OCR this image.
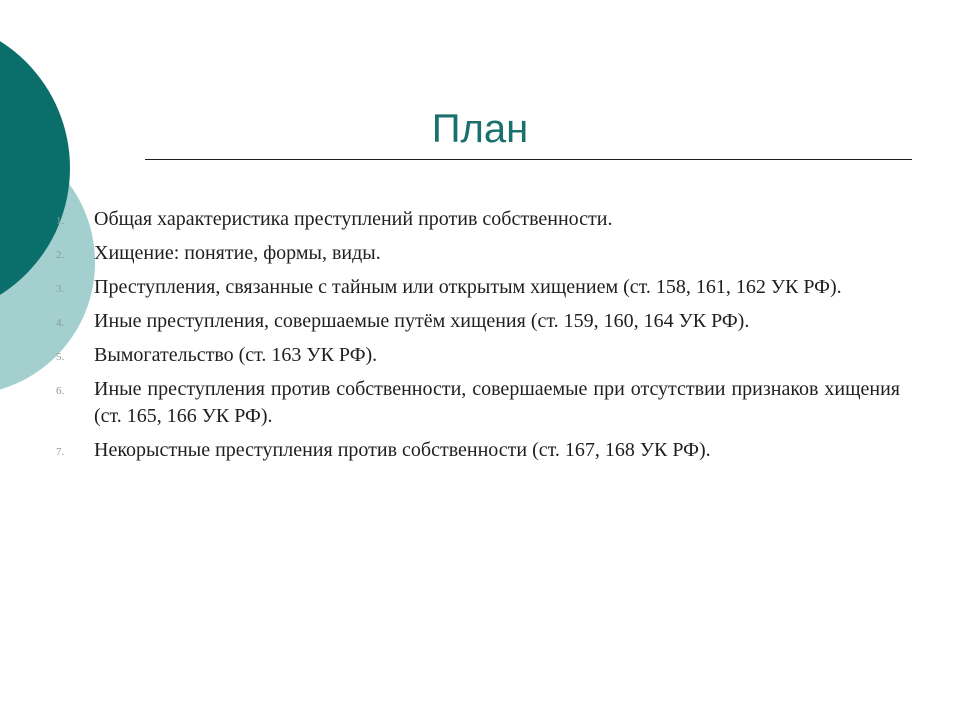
План
1.	Общая характеристика преступлений против собственности.
2.	Хищение: понятие, формы, виды.
3.	Преступления, связанные с тайным или открытым хищением (ст. 158, 161, 162 УК РФ).
4.	Иные преступления, совершаемые путём хищения (ст. 159, 160, 164 УК РФ).
5.	Вымогательство (ст. 163 УК РФ).
6.	Иные преступления против собственности, совершаемые при отсутствии признаков хищения (ст. 165, 166 УК РФ).
7.	Некорыстные преступления против собственности (ст. 167, 168 УК РФ).
